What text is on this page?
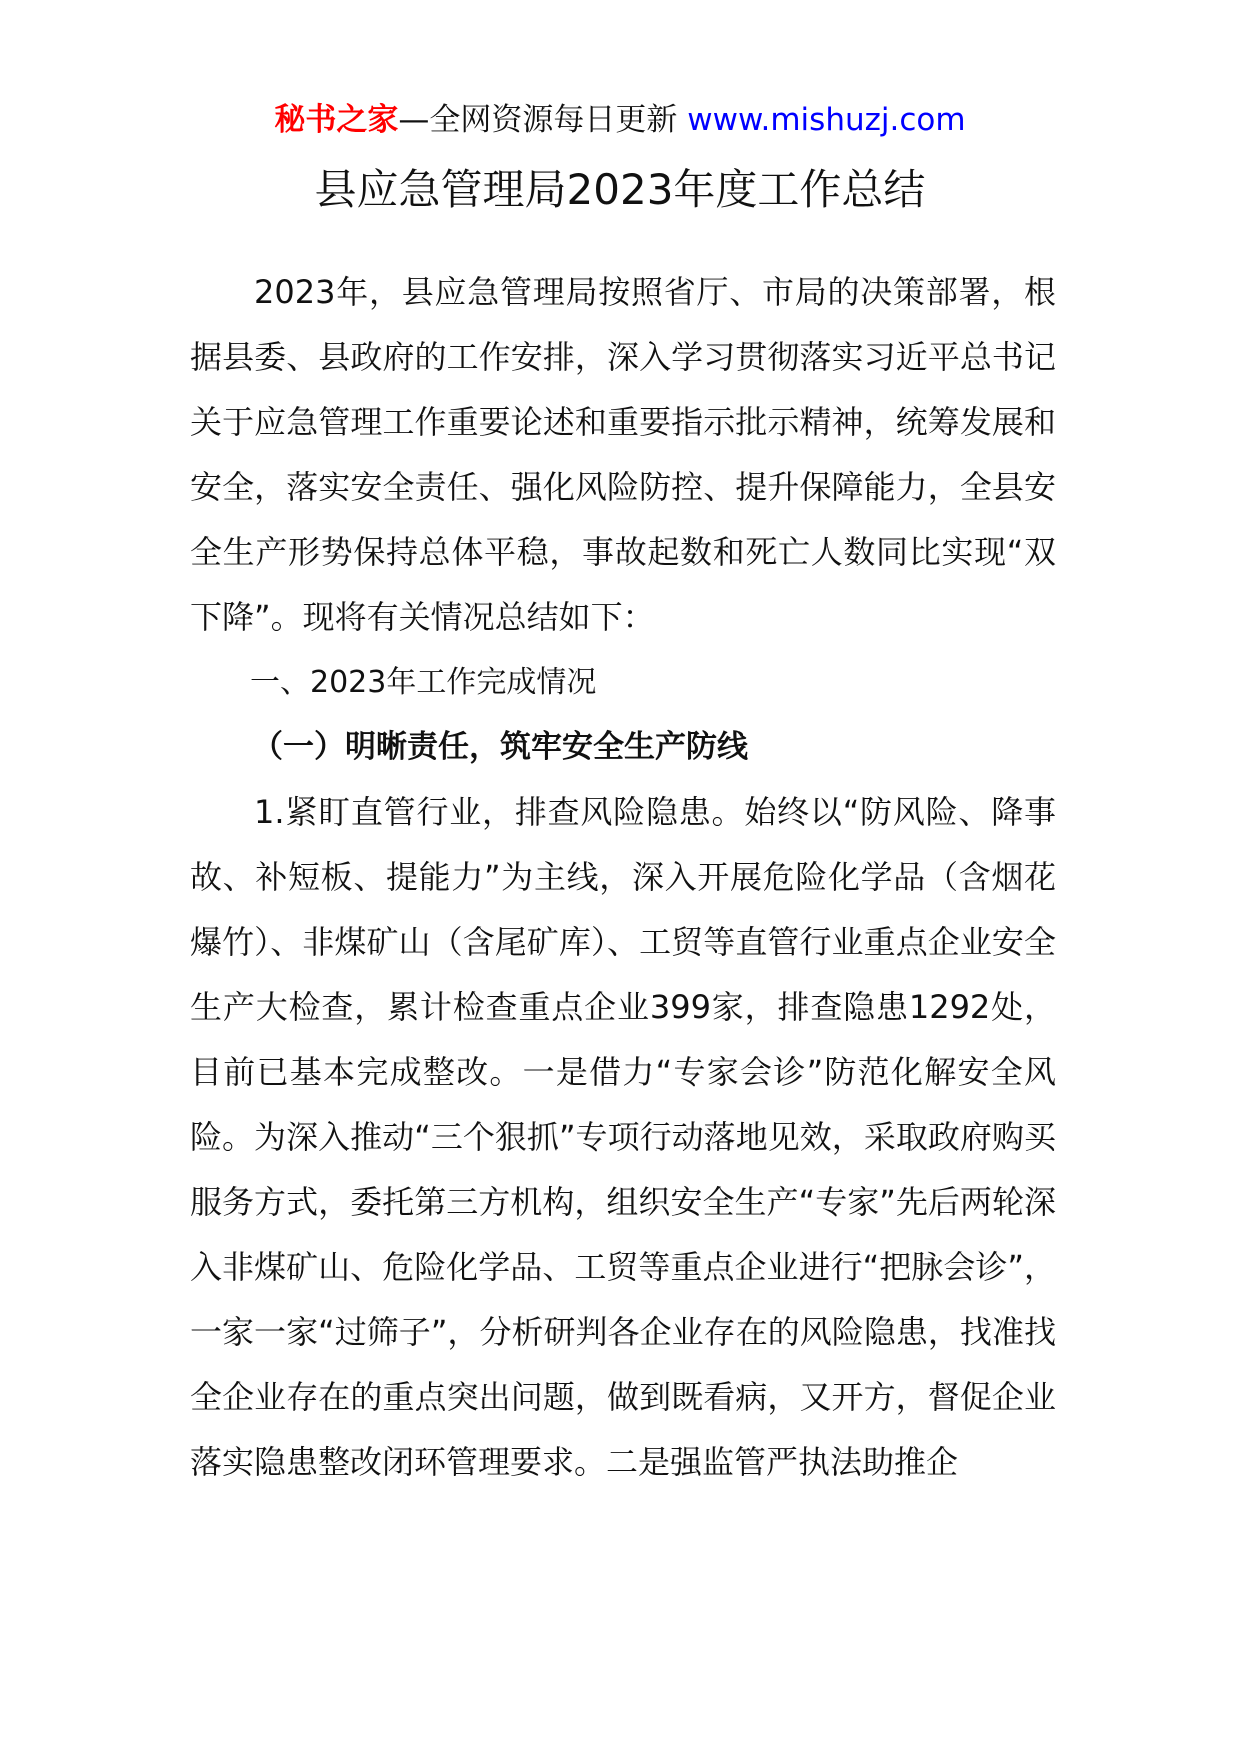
秘书之家—全网资源每日更新 www.mishuzj.com
县应急管理局2023年度工作总结

2023年，县应急管理局按照省厅、市局的决策部署，根据县委、县政府的工作安排，深入学习贯彻落实习近平总书记关于应急管理工作重要论述和重要指示批示精神，统筹发展和安全，落实安全责任、强化风险防控、提升保障能力，全县安全生产形势保持总体平稳，事故起数和死亡人数同比实现“双下降”。现将有关情况总结如下：

一、2023年工作完成情况

（一）明晰责任，筑牢安全生产防线

1.紧盯直管行业，排查风险隐患。始终以“防风险、降事故、补短板、提能力”为主线，深入开展危险化学品（含烟花爆竹）、非煤矿山（含尾矿库）、工贸等直管行业重点企业安全生产大检查，累计检查重点企业399家，排查隐患1292处，目前已基本完成整改。一是借力“专家会诊”防范化解安全风险。为深入推动“三个狠抓”专项行动落地见效，采取政府购买服务方式，委托第三方机构，组织安全生产“专家”先后两轮深入非煤矿山、危险化学品、工贸等重点企业进行“把脉会诊”，一家一家“过筛子”，分析研判各企业存在的风险隐患，找准找全企业存在的重点突出问题，做到既看病，又开方，督促企业落实隐患整改闭环管理要求。二是强监管严执法助推企
